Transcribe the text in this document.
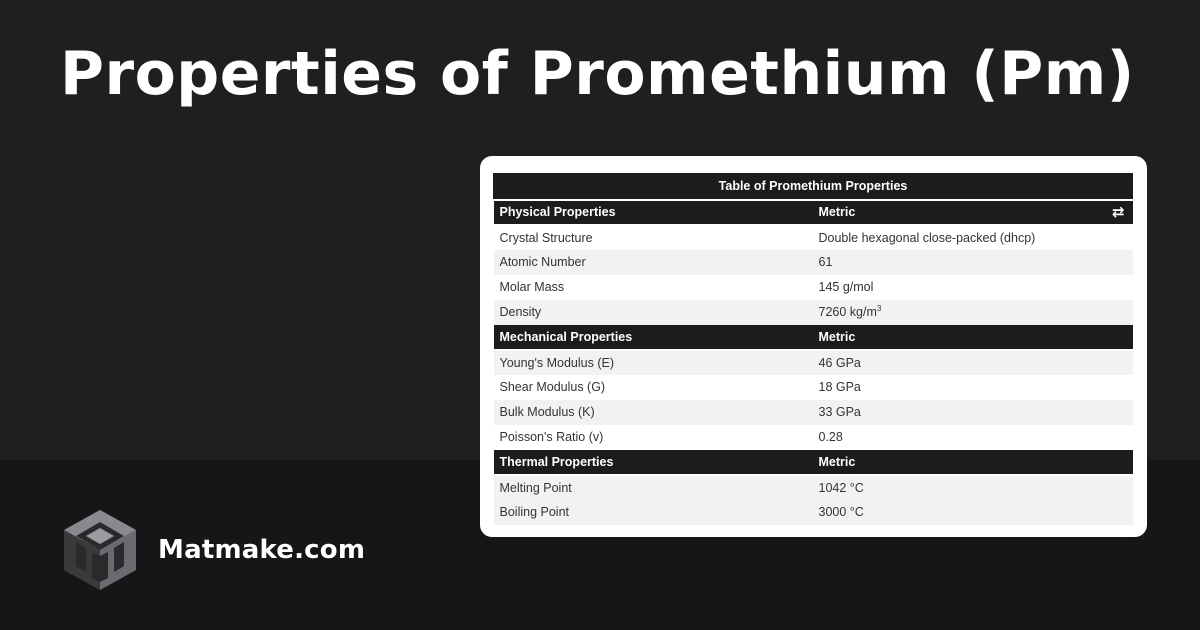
Properties of Promethium (Pm)
Table of Promethium Properties	
Physical Properties	Metric ⇄

Crystal Structure	Double hexagonal close-packed (dhcp)
Atomic Number	61
Molar Mass	145 g/mol
Density	7260 $kg/m^3$
Mechanical Properties	Metric
Young's Modulus (E)	46 GPa
Shear Modulus (G)	18 GPa
Bulk Modulus (K)	33 GPa
Poisson's Ratio (v)	0.28
Thermal Properties	Metric
Melting Point	1042 °C
Boiling Point	3000 °C
Matmake.com
